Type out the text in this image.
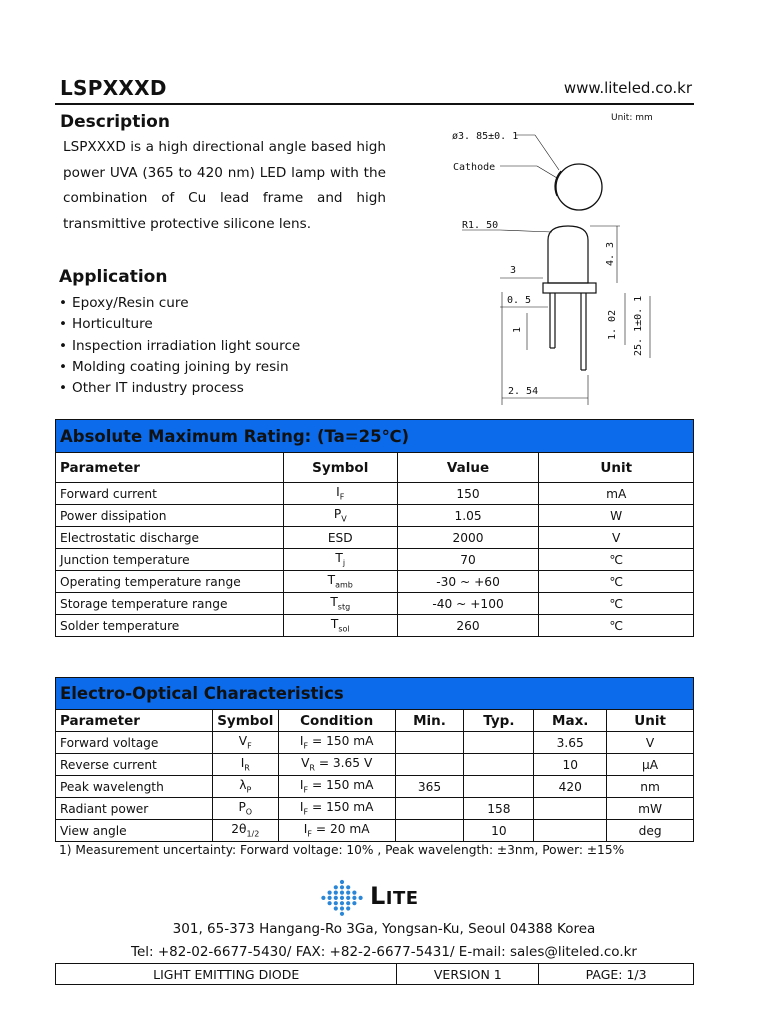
LSPXXXD	www.liteled.co.kr
Description
LSPXXXD is a high directional angle based high power UVA (365 to 420 nm) LED lamp with the combination of Cu lead frame and high transmittive protective silicone lens.
Application
• Epoxy/Resin cure
• Horticulture
• Inspection irradiation light source
• Molding coating joining by resin
• Other IT industry process
Unit: mm
ø3. 85±0. 1
Cathode
R1. 50
3
0. 5
1
4. 3
1. 02 25. 1±0. 1
2. 54
Absolute Maximum Rating: (Ta=25℃)			
Parameter	Symbol	Value	Unit
Forward current	$I_F$	150	mA
Power dissipation	$P_V$	1.05	W
Electrostatic discharge	ESD	2000	V
Junction temperature	$T_j$	70	℃
Operating temperature range	$T_{amb}$	-30 ~ +60	℃
Storage temperature range	$T_{stg}$	-40 ~ +100	℃
Solder temperature	$T_{sol}$	260	℃
Electro-Optical Characteristics						
Parameter	Symbol	Condition	Min.	Typ.	Max.	Unit
Forward voltage	$V_F$	$I_F = 150$ mA			3.65	V
Reverse current	$I_R$	$V_R = 3.65$ V			10	μA
Peak wavelength	$\lambda_P$	$I_F = 150$ mA	365		420	nm
Radiant power	$P_O$	$I_F = 150$ mA		158		mW
View angle	$2\theta_{1/2}$	$I_F = 20$ mA		10		deg
1) Measurement uncertainty: Forward voltage: 10% , Peak wavelength: ±3nm, Power: ±15%
LITE
301, 65-373 Hangang-Ro 3Ga, Yongsan-Ku, Seoul 04388 Korea
Tel: +82-02-6677-5430/ FAX: +82-2-6677-5431/ E-mail: sales@liteled.co.kr
LIGHT EMITTING DIODE	VERSION 1	PAGE: 1/3
